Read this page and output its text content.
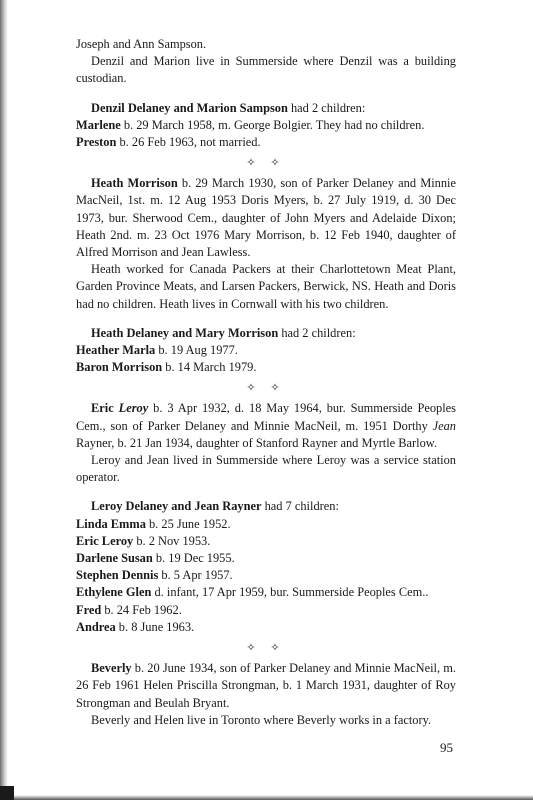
Joseph and Ann Sampson.

Denzil and Marion live in Summerside where Denzil was a building custodian.

Denzil Delaney and Marion Sampson had 2 children:

Marlene b. 29 March 1958, m. George Bolgier. They had no children.

Preston b. 26 Feb 1963, not married.

✧ ✧

Heath Morrison b. 29 March 1930, son of Parker Delaney and Minnie MacNeil, 1st. m. 12 Aug 1953 Doris Myers, b. 27 July 1919, d. 30 Dec 1973, bur. Sherwood Cem., daughter of John Myers and Adelaide Dixon; Heath 2nd. m. 23 Oct 1976 Mary Morrison, b. 12 Feb 1940, daughter of Alfred Morrison and Jean Lawless.

Heath worked for Canada Packers at their Charlottetown Meat Plant, Garden Province Meats, and Larsen Packers, Berwick, NS. Heath and Doris had no children. Heath lives in Cornwall with his two children.

Heath Delaney and Mary Morrison had 2 children:

Heather Marla b. 19 Aug 1977.

Baron Morrison b. 14 March 1979.

✧ ✧

Eric Leroy b. 3 Apr 1932, d. 18 May 1964, bur. Summerside Peoples Cem., son of Parker Delaney and Minnie MacNeil, m. 1951 Dorthy Jean Rayner, b. 21 Jan 1934, daughter of Stanford Rayner and Myrtle Barlow.

Leroy and Jean lived in Summerside where Leroy was a service station operator.

Leroy Delaney and Jean Rayner had 7 children:

Linda Emma b. 25 June 1952.

Eric Leroy b. 2 Nov 1953.

Darlene Susan b. 19 Dec 1955.

Stephen Dennis b. 5 Apr 1957.

Ethylene Glen d. infant, 17 Apr 1959, bur. Summerside Peoples Cem..

Fred b. 24 Feb 1962.

Andrea b. 8 June 1963.

✧ ✧

Beverly b. 20 June 1934, son of Parker Delaney and Minnie MacNeil, m. 26 Feb 1961 Helen Priscilla Strongman, b. 1 March 1931, daughter of Roy Strongman and Beulah Bryant.

Beverly and Helen live in Toronto where Beverly works in a factory.

95
